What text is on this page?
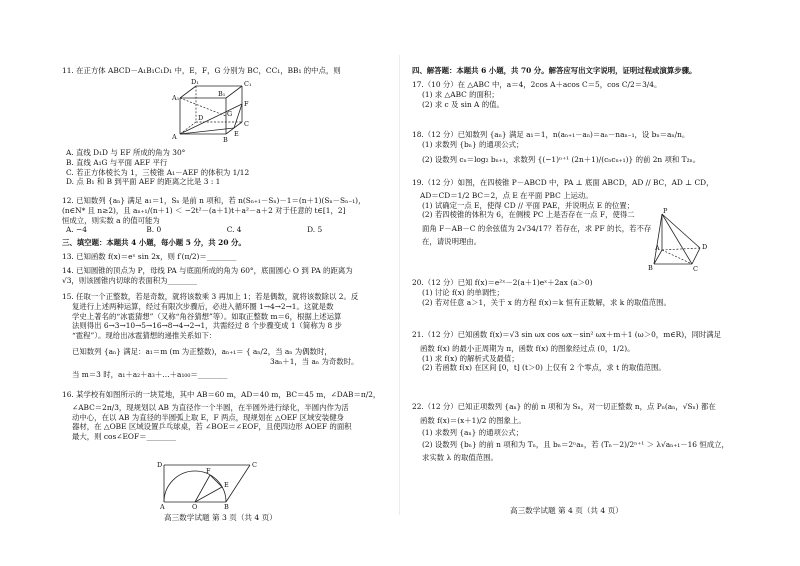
11. 在正方体 ABCD－A₁B₁C₁D₁ 中，E，F，G 分别为 BC，CC₁，BB₁ 的中点，则
D₁
A₁
C₁
B₁
D
A
C
B
E
F
G
A. 直线 D₁D 与 EF 所成的角为 30°
B. 直线 A₁G 与平面 AEF 平行
C. 若正方体棱长为 1，三棱锥 A₁－AEF 的体积为 1/12
D. 点 B₁ 和 B 到平面 AEF 的距离之比是 3 : 1
12. 已知数列 {aₙ} 满足 a₁＝1，Sₙ 是前 n 项和，若 n(Sₙ₊₁－Sₙ)－1＝(n＋1)(Sₙ－Sₙ₋₁)，
(n∈N* 且 n≥2)，且 aₙ₊₁/(n＋1) ＜ −2t²－(a＋1)t＋a²－a＋2 对于任意的 t∈[1，2]
恒成立，则实数 a 的值可能为
A. −4	B. 0	C. 4	D. 5
三、填空题：本题共 4 小题，每小题 5 分，共 20 分。
13. 已知函数 f(x)＝eˣ sin 2x，则 f′(π/2)＝________
14. 已知圆锥的顶点为 P，母线 PA 与底面所成的角为 60°，底面圆心 O 到 PA 的距离为
√3，则该圆锥内切球的表面积为________
15. 任取一个正整数，若是奇数，就将该数乘 3 再加上 1；若是偶数，就将该数除以 2。反
复进行上述两种运算，经过有限次步骤后，必进入循环圈 1→4→2→1。这就是数
学史上著名的“冰雹猜想”（又称“角谷猜想”等）。如取正整数 m＝6，根据上述运算
法则得出 6→3→10→5→16→8→4→2→1，共需经过 8 个步骤变成 1（简称为 8 步
“雹程”）。现给出冰雹猜想的递推关系如下：
已知数列 {aₙ} 满足：a₁＝m (m 为正整数)，aₙ₊₁＝ { aₙ/2，当 aₙ 为偶数时，
3aₙ＋1，当 aₙ 为奇数时。
当 m＝3 时，a₁＋a₂＋a₃＋…＋a₁₀₀＝________
16. 某学校有如图所示的一块荒地，其中 AB＝60 m，AD＝40 m，BC＝45 m，∠DAB＝π/2，
∠ABC＝2π/3，现规划以 AB 为直径作一个半圆，在半圆外进行绿化，半圆内作为活
动中心，在以 AB 为直径的半圆弧上取 E，F 两点，现规划在 △OEF 区域安装健身
器材，在 △OBE 区域设置乒乓球桌，若 ∠BOE＝∠EOF，且使四边形 AOEF 的面积
最大，则 cos∠EOF＝________
D	C
F
E
A	O	B
高三数学试题 第 3 页（共 4 页）
四、解答题：本题共 6 小题，共 70 分。解答应写出文字说明，证明过程或演算步骤。
17.（10 分）在 △ABC 中，a＝4，2cos A＋acos C＝5，cos C/2＝3/4。
(1) 求 △ABC 的面积；
(2) 求 c 及 sin A 的值。
18.（12 分）已知数列 {aₙ} 满足 a₁＝1，n(aₙ₊₁－aₙ)＝aₙ－naₙ₋₁，设 bₙ＝aₙ/n。
(1) 求数列 {bₙ} 的通项公式；
(2) 设数列 cₙ＝log₂ bₙ₊₁，求数列 {(−1)ⁿ⁺¹ (2n＋1)/(cₙcₙ₊₁)} 的前 2n 项和 T₂ₙ。
19.（12 分）如图，在四棱锥 P－ABCD 中，PA ⊥ 底面 ABCD，AD // BC，AD ⊥ CD，
AD＝CD＝1/2 BC＝2，点 E 在平面 PBC 上运动。
(1) 试确定一点 E，使得 CD // 平面 PAE，并说明点 E 的位置；
(2) 若四棱锥的体积为 6，在侧棱 PC 上是否存在一点 F，使得二
面角 F－AB－C 的余弦值为 2√34/17？若存在，求 PF 的长，若不存
在，请说明理由。
P
A	D
B	C
20.（12 分）已知 f(x)＝e²ˣ－2(a＋1)eˣ＋2ax (a＞0)
(1) 讨论 f(x) 的单调性；
(2) 若对任意 a＞1，关于 x 的方程 f(x)＝k 恒有正数解，求 k 的取值范围。
21.（12 分）已知函数 f(x)＝√3 sin ωx cos ωx－sin² ωx＋m＋1 (ω＞0，m∈R)，同时满足
函数 f(x) 的最小正周期为 π，函数 f(x) 的图象经过点 (0，1/2)。
(1) 求 f(x) 的解析式及最值；
(2) 若函数 f(x) 在区间 [0，t] (t＞0) 上仅有 2 个零点，求 t 的取值范围。
22.（12 分）已知正项数列 {aₙ} 的前 n 项和为 Sₙ，对一切正整数 n，点 Pₙ(aₙ，√Sₙ) 都在
函数 f(x)＝(x＋1)/2 的图象上。
(1) 求数列 {aₙ} 的通项公式；
(2) 设数列 {bₙ} 的前 n 项和为 Tₙ，且 bₙ＝2ⁿaₙ，若 (Tₙ－2)/2ⁿ⁺¹ ＞ λ√aₙ₊₁－16 恒成立，
求实数 λ 的取值范围。
高三数学试题 第 4 页（共 4 页）
